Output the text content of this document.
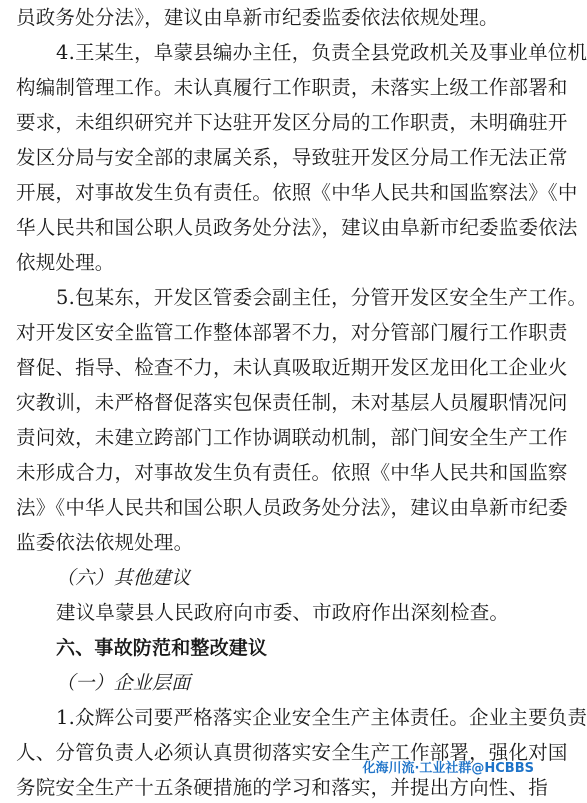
员政务处分法》，建议由阜新市纪委监委依法依规处理。
4.王某生，阜蒙县编办主任，负责全县党政机关及事业单位机
构编制管理工作。未认真履行工作职责，未落实上级工作部署和
要求，未组织研究并下达驻开发区分局的工作职责，未明确驻开
发区分局与安全部的隶属关系，导致驻开发区分局工作无法正常
开展，对事故发生负有责任。依照《中华人民共和国监察法》《中
华人民共和国公职人员政务处分法》，建议由阜新市纪委监委依法
依规处理。
5.包某东，开发区管委会副主任，分管开发区安全生产工作。
对开发区安全监管工作整体部署不力，对分管部门履行工作职责
督促、指导、检查不力，未认真吸取近期开发区龙田化工企业火
灾教训，未严格督促落实包保责任制，未对基层人员履职情况问
责问效，未建立跨部门工作协调联动机制，部门间安全生产工作
未形成合力，对事故发生负有责任。依照《中华人民共和国监察
法》《中华人民共和国公职人员政务处分法》，建议由阜新市纪委
监委依法依规处理。
（六）其他建议
建议阜蒙县人民政府向市委、市政府作出深刻检查。
六、事故防范和整改建议
（一）企业层面
1.众辉公司要严格落实企业安全生产主体责任。企业主要负责
人、分管负责人必须认真贯彻落实安全生产工作部署，强化对国
务院安全生产十五条硬措施的学习和落实，并提出方向性、指
化海川流·工业社群@HCBBS
